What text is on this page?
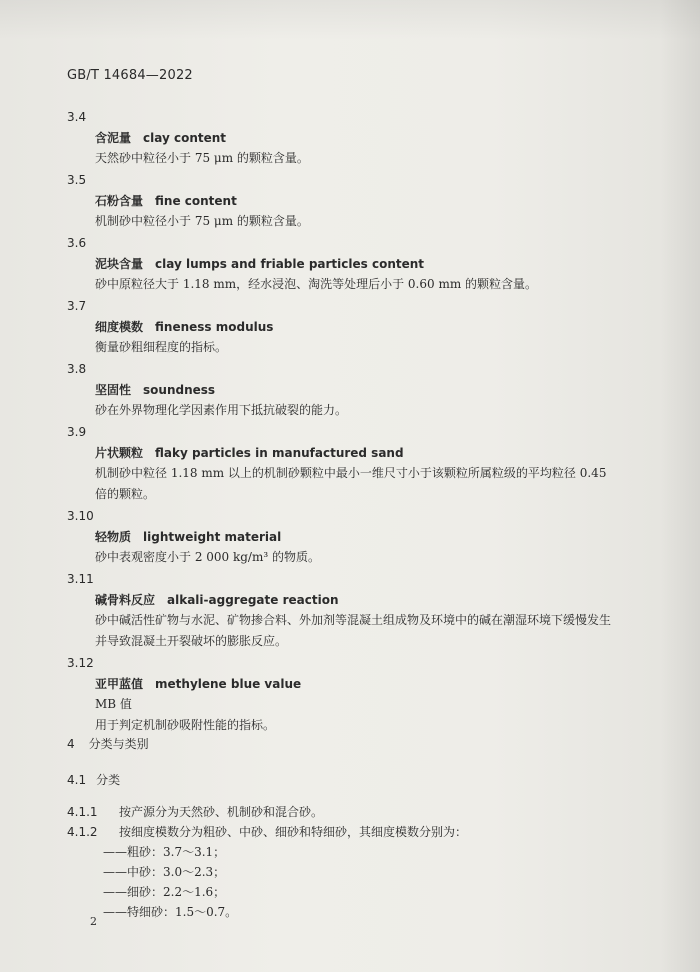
GB/T 14684—2022
3.4
含泥量 clay content
天然砂中粒径小于 75 μm 的颗粒含量。
3.5
石粉含量 fine content
机制砂中粒径小于 75 μm 的颗粒含量。
3.6
泥块含量 clay lumps and friable particles content
砂中原粒径大于 1.18 mm，经水浸泡、淘洗等处理后小于 0.60 mm 的颗粒含量。
3.7
细度模数 fineness modulus
衡量砂粗细程度的指标。
3.8
坚固性 soundness
砂在外界物理化学因素作用下抵抗破裂的能力。
3.9
片状颗粒 flaky particles in manufactured sand
机制砂中粒径 1.18 mm 以上的机制砂颗粒中最小一维尺寸小于该颗粒所属粒级的平均粒径 0.45
倍的颗粒。
3.10
轻物质 lightweight material
砂中表观密度小于 2 000 kg/m³ 的物质。
3.11
碱骨料反应 alkali-aggregate reaction
砂中碱活性矿物与水泥、矿物掺合料、外加剂等混凝土组成物及环境中的碱在潮湿环境下缓慢发生
并导致混凝土开裂破坏的膨胀反应。
3.12
亚甲蓝值 methylene blue value
MB 值
用于判定机制砂吸附性能的指标。
4 分类与类别
4.1 分类
4.1.1 按产源分为天然砂、机制砂和混合砂。
4.1.2 按细度模数分为粗砂、中砂、细砂和特细砂，其细度模数分别为：
——粗砂：3.7～3.1；
——中砂：3.0～2.3；
——细砂：2.2～1.6；
——特细砂：1.5～0.7。
2
